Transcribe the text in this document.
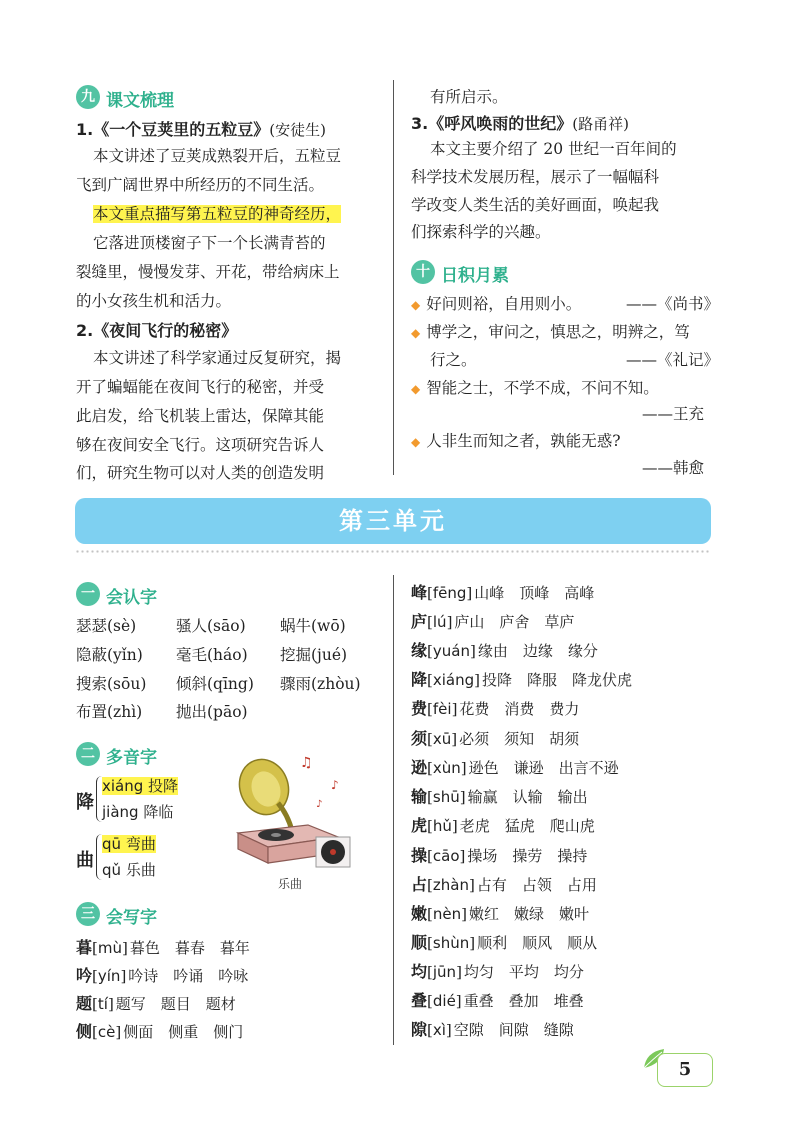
九 课文梳理
1.《一个豆荚里的五粒豆》(安徒生)
本文讲述了豆荚成熟裂开后，五粒豆
飞到广阔世界中所经历的不同生活。
本文重点描写第五粒豆的神奇经历，
它落进顶楼窗子下一个长满青苔的
裂缝里，慢慢发芽、开花，带给病床上
的小女孩生机和活力。
2.《夜间飞行的秘密》
本文讲述了科学家通过反复研究，揭
开了蝙蝠能在夜间飞行的秘密，并受
此启发，给飞机装上雷达，保障其能
够在夜间安全飞行。这项研究告诉人
们，研究生物可以对人类的创造发明
有所启示。
3.《呼风唤雨的世纪》(路甬祥)
本文主要介绍了 20 世纪一百年间的
科学技术发展历程，展示了一幅幅科
学改变人类生活的美好画面，唤起我
们探索科学的兴趣。
十 日积月累
◆ 好问则裕，自用则小。	——《尚书》
◆ 博学之，审问之，慎思之，明辨之，笃
行之。	——《礼记》
◆ 智能之士，不学不成，不问不知。
——王充
◆ 人非生而知之者，孰能无惑?
——韩愈
第三单元
一 会认字
瑟瑟(sè)	骚人(sāo) 蜗牛(wō)
隐蔽(yǐn) 毫毛(háo) 挖掘(jué)
搜索(sōu) 倾斜(qīng) 骤雨(zhòu)
布置(zhì) 抛出(pāo)
二 多音字
降
xiáng 投降
jiàng 降临
曲
qū 弯曲
qǔ 乐曲
♫
♪
♪
乐曲
三 会写字
暮[mù] 暮色　暮春　暮年
吟[yín] 吟诗　吟诵　吟咏
题[tí] 题写　题目　题材
侧[cè] 侧面　侧重　侧门
峰[fēng] 山峰　顶峰　高峰
庐[lú] 庐山　庐舍　草庐
缘[yuán] 缘由　边缘　缘分
降[xiáng] 投降　降服　降龙伏虎
费[fèi] 花费　消费　费力
须[xū] 必须　须知　胡须
逊[xùn] 逊色　谦逊　出言不逊
输[shū] 输赢　认输　输出
虎[hǔ] 老虎　猛虎　爬山虎
操[cāo] 操场　操劳　操持
占[zhàn] 占有　占领　占用
嫩[nèn] 嫩红　嫩绿　嫩叶
顺[shùn] 顺利　顺风　顺从
均[jūn] 均匀　平均　均分
叠[dié] 重叠　叠加　堆叠
隙[xì] 空隙　间隙　缝隙
5
